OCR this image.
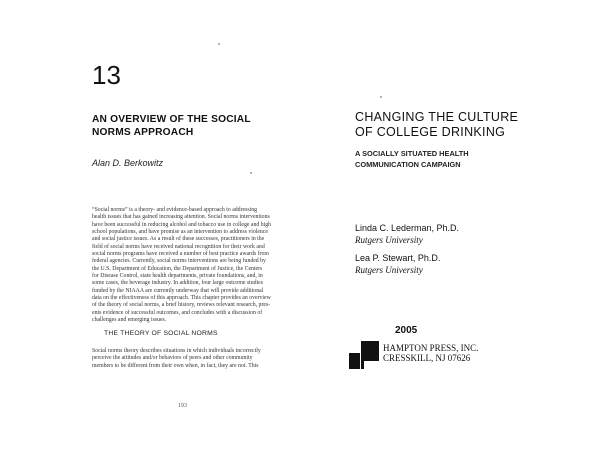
13
AN OVERVIEW OF THE SOCIAL
NORMS APPROACH
Alan D. Berkowitz
“Social norms” is a theory- and evidence-based approach to addressing
health issues that has gained increasing attention. Social norms interventions
have been successful in reducing alcohol and tobacco use in college and high
school populations, and have promise as an intervention to address violence
and social justice issues. As a result of these successes, practitioners in the
field of social norms have received national recognition for their work and
social norms programs have received a number of best practice awards from
federal agencies. Currently, social norms interventions are being funded by
the U.S. Department of Education, the Department of Justice, the Centers
for Disease Control, state health departments, private foundations, and, in
some cases, the beverage industry. In addition, four large outcome studies
funded by the NIAAA are currently underway that will provide additional
data on the effectiveness of this approach. This chapter provides an overview
of the theory of social norms, a brief history, reviews relevant research, pres-
ents evidence of successful outcomes, and concludes with a discussion of
challenges and emerging issues.
THE THEORY OF SOCIAL NORMS
Social norms theory describes situations in which individuals incorrectly
perceive the attitudes and/or behaviors of peers and other community
members to be different from their own when, in fact, they are not. This
193
CHANGING THE CULTURE
OF COLLEGE DRINKING
A SOCIALLY SITUATED HEALTH
COMMUNICATION CAMPAIGN
Linda C. Lederman, Ph.D.
Rutgers University
Lea P. Stewart, Ph.D.
Rutgers University
2005
HAMPTON PRESS, INC.
CRESSKILL, NJ 07626
